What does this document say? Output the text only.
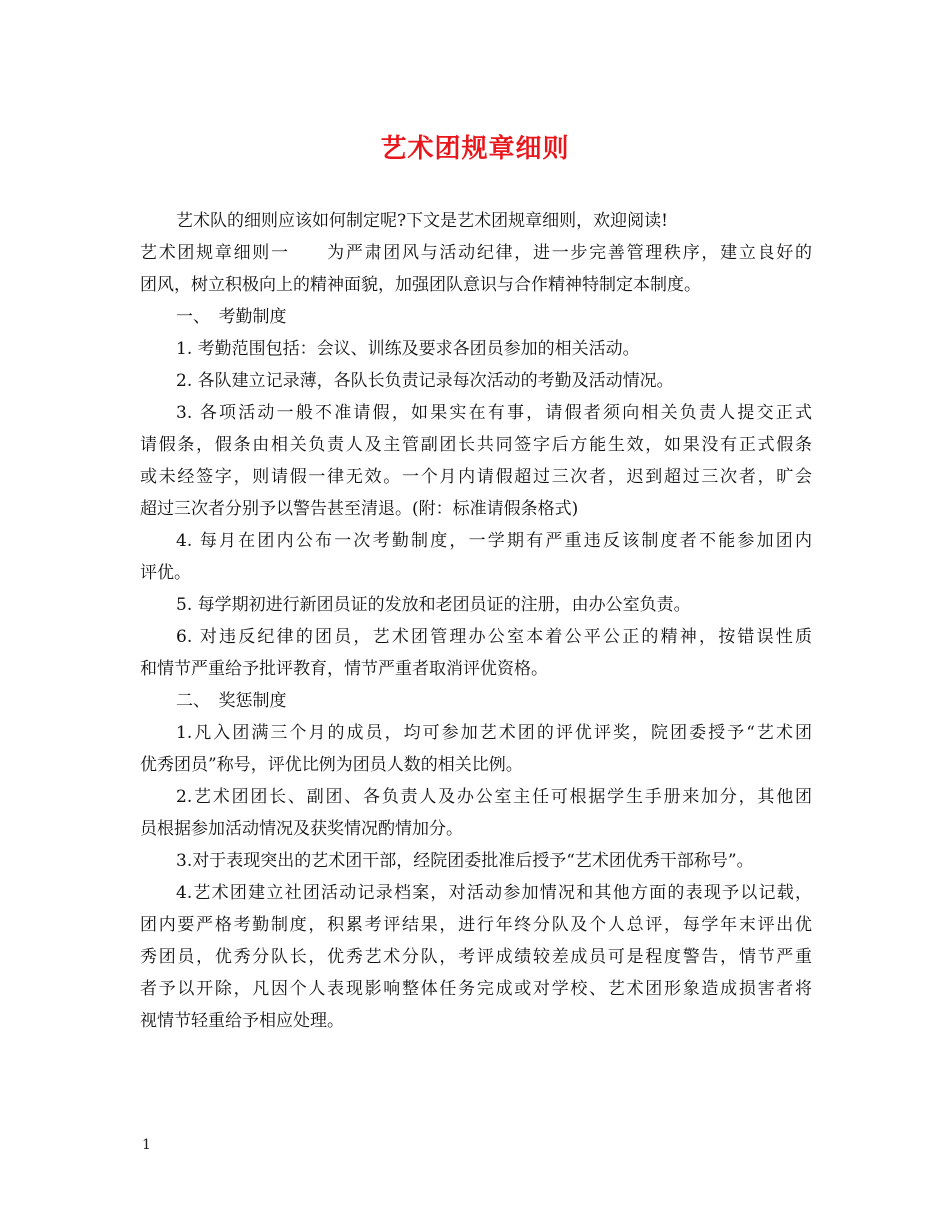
艺术团规章细则
艺术队的细则应该如何制定呢?下文是艺术团规章细则，欢迎阅读!
艺术团规章细则一　　为严肃团风与活动纪律，进一步完善管理秩序，建立良好的
团风，树立积极向上的精神面貌，加强团队意识与合作精神特制定本制度。
一、　考勤制度
1. 考勤范围包括：会议、训练及要求各团员参加的相关活动。
2. 各队建立记录薄，各队长负责记录每次活动的考勤及活动情况。
3. 各项活动一般不准请假，如果实在有事，请假者须向相关负责人提交正式
请假条，假条由相关负责人及主管副团长共同签字后方能生效，如果没有正式假条
或未经签字，则请假一律无效。一个月内请假超过三次者，迟到超过三次者，旷会
超过三次者分别予以警告甚至清退。(附：标准请假条格式)
4. 每月在团内公布一次考勤制度，一学期有严重违反该制度者不能参加团内
评优。
5. 每学期初进行新团员证的发放和老团员证的注册，由办公室负责。
6. 对违反纪律的团员，艺术团管理办公室本着公平公正的精神，按错误性质
和情节严重给予批评教育，情节严重者取消评优资格。
二、　奖惩制度
1.凡入团满三个月的成员，均可参加艺术团的评优评奖，院团委授予“艺术团
优秀团员”称号，评优比例为团员人数的相关比例。
2.艺术团团长、副团、各负责人及办公室主任可根据学生手册来加分，其他团
员根据参加活动情况及获奖情况酌情加分。
3.对于表现突出的艺术团干部，经院团委批准后授予“艺术团优秀干部称号”。
4.艺术团建立社团活动记录档案，对活动参加情况和其他方面的表现予以记载，
团内要严格考勤制度，积累考评结果，进行年终分队及个人总评，每学年末评出优
秀团员，优秀分队长，优秀艺术分队，考评成绩较差成员可是程度警告，情节严重
者予以开除，凡因个人表现影响整体任务完成或对学校、艺术团形象造成损害者将
视情节轻重给予相应处理。
1
